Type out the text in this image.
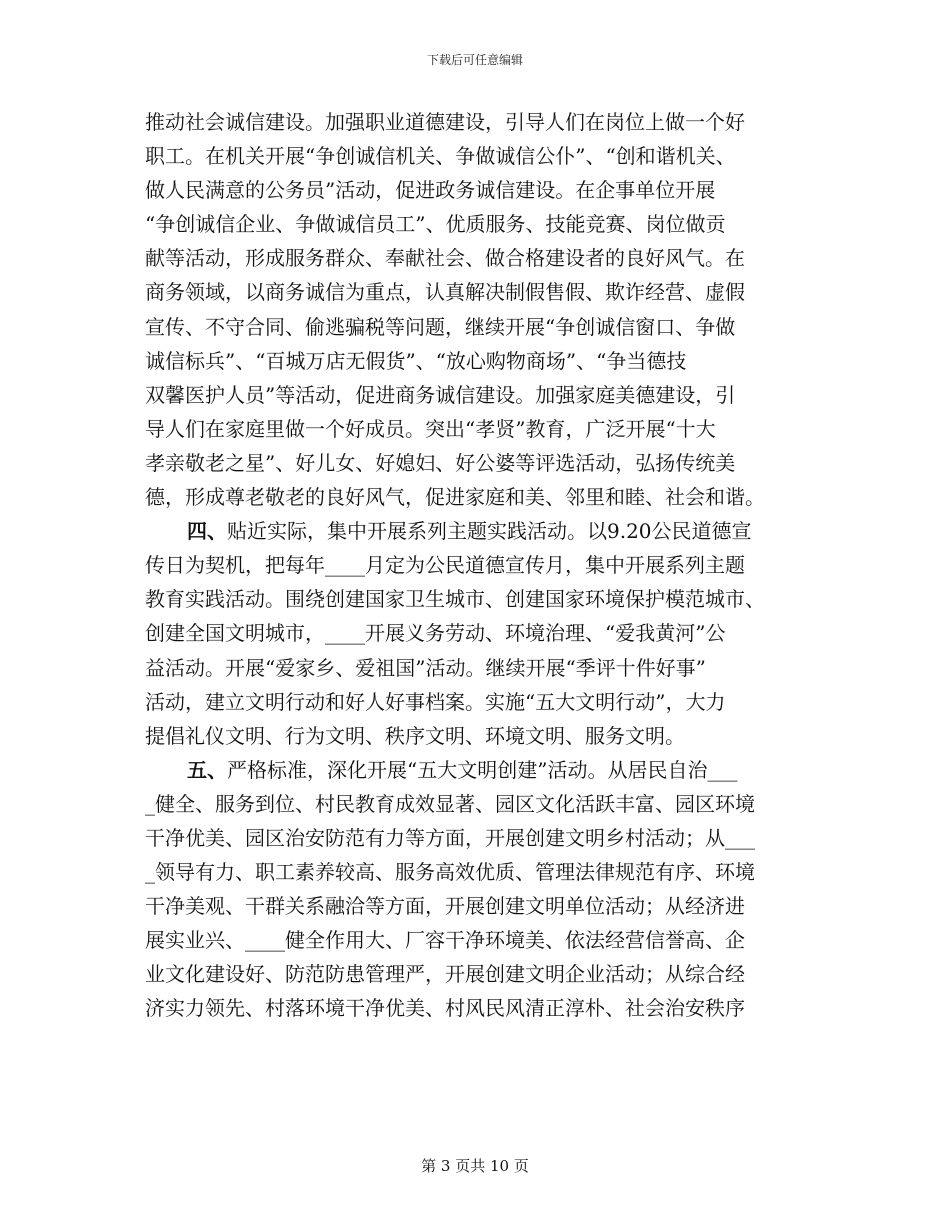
下载后可任意编辑
推动社会诚信建设。加强职业道德建设，引导人们在岗位上做一个好
职工。在机关开展“争创诚信机关、争做诚信公仆”、“创和谐机关、
做人民满意的公务员”活动，促进政务诚信建设。在企事单位开展
“争创诚信企业、争做诚信员工”、优质服务、技能竞赛、岗位做贡
献等活动，形成服务群众、奉献社会、做合格建设者的良好风气。在
商务领域，以商务诚信为重点，认真解决制假售假、欺诈经营、虚假
宣传、不守合同、偷逃骗税等问题，继续开展“争创诚信窗口、争做
诚信标兵”、“百城万店无假货”、“放心购物商场”、“争当德技
双馨医护人员”等活动，促进商务诚信建设。加强家庭美德建设，引
导人们在家庭里做一个好成员。突出“孝贤”教育，广泛开展“十大
孝亲敬老之星”、好儿女、好媳妇、好公婆等评选活动，弘扬传统美
德，形成尊老敬老的良好风气，促进家庭和美、邻里和睦、社会和谐。
四、贴近实际，集中开展系列主题实践活动。以9.20公民道德宣
传日为契机，把每年____月定为公民道德宣传月，集中开展系列主题
教育实践活动。围绕创建国家卫生城市、创建国家环境保护模范城市、
创建全国文明城市，____开展义务劳动、环境治理、“爱我黄河”公
益活动。开展“爱家乡、爱祖国”活动。继续开展“季评十件好事”
活动，建立文明行动和好人好事档案。实施“五大文明行动”，大力
提倡礼仪文明、行为文明、秩序文明、环境文明、服务文明。
五、严格标准，深化开展“五大文明创建”活动。从居民自治___
_健全、服务到位、村民教育成效显著、园区文化活跃丰富、园区环境
干净优美、园区治安防范有力等方面，开展创建文明乡村活动；从___
_领导有力、职工素养较高、服务高效优质、管理法律规范有序、环境
干净美观、干群关系融洽等方面，开展创建文明单位活动；从经济进
展实业兴、____健全作用大、厂容干净环境美、依法经营信誉高、企
业文化建设好、防范防患管理严，开展创建文明企业活动；从综合经
济实力领先、村落环境干净优美、村风民风清正淳朴、社会治安秩序
第 3 页共 10 页
